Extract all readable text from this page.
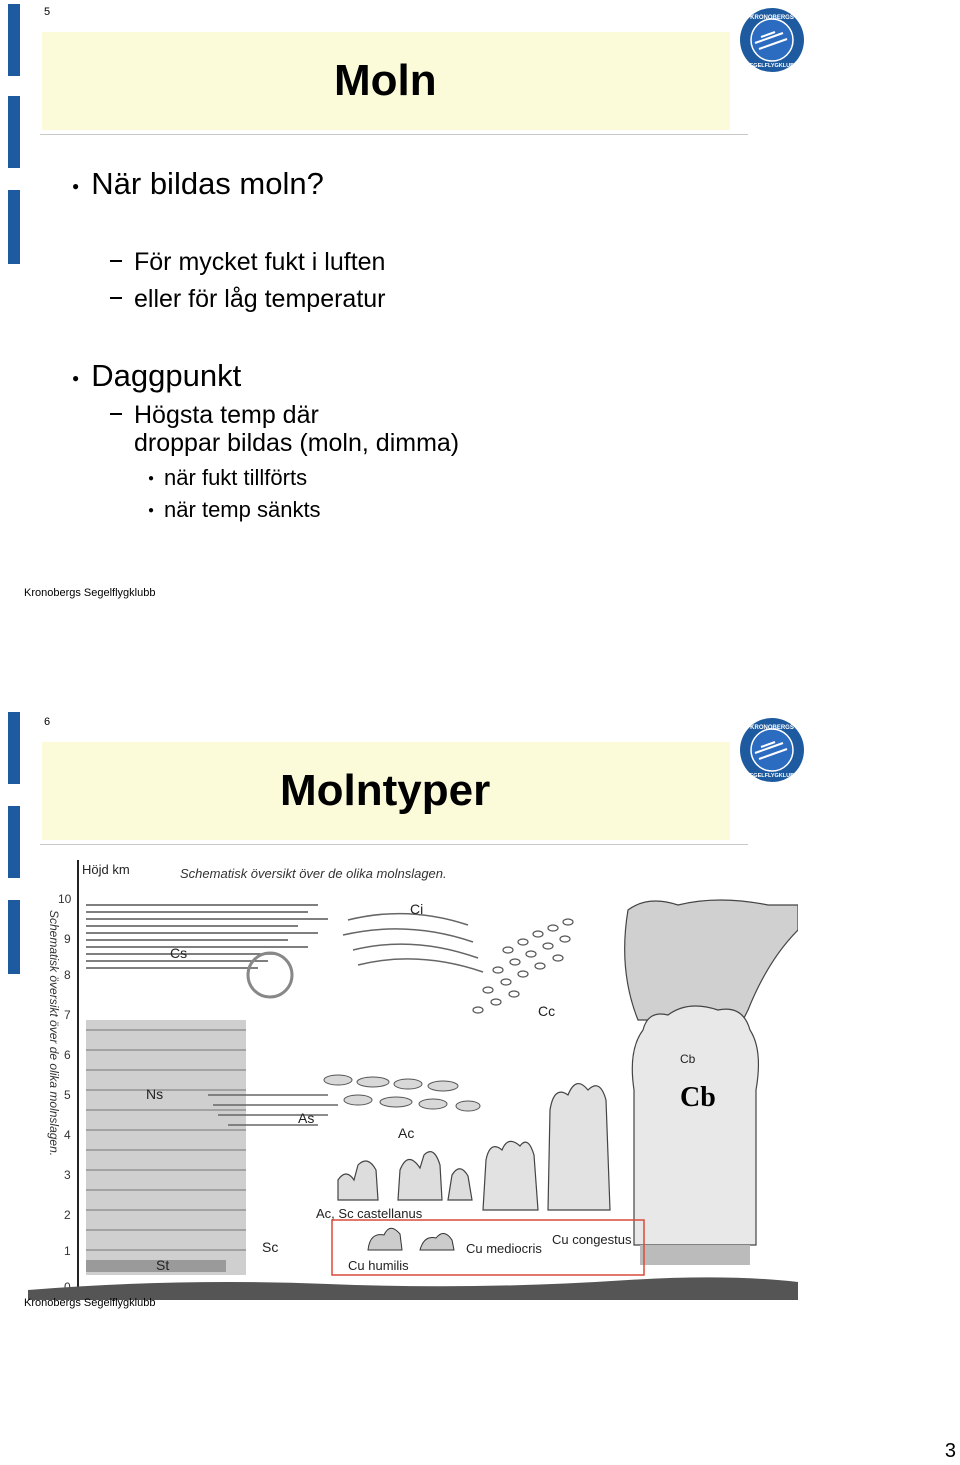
5
Moln
KRONOBERGS
SEGELFLYGKLUBB
● När bildas moln?
För mycket fukt i luften
eller för låg temperatur
● Daggpunkt
Högsta temp där
droppar bildas (moln, dimma)
● när fukt tillförts
● när temp sänkts
Kronobergs Segelflygklubb
6
Molntyper
KRONOBERGS
SEGELFLYGKLUBB
Höjd km	Schematisk översikt över de olika molnslagen.
Schematisk översikt över de olika molnslagen.
0
1
2
3
4
5
6
7
8
9
10
Cs
Ci
Cc
Ns
As
Ac
Cb
Ac, Sc castellanus
Sc
St	Cu humilis
Cu mediocris
Cu congestus
Cb
Kronobergs Segelflygklubb
3
